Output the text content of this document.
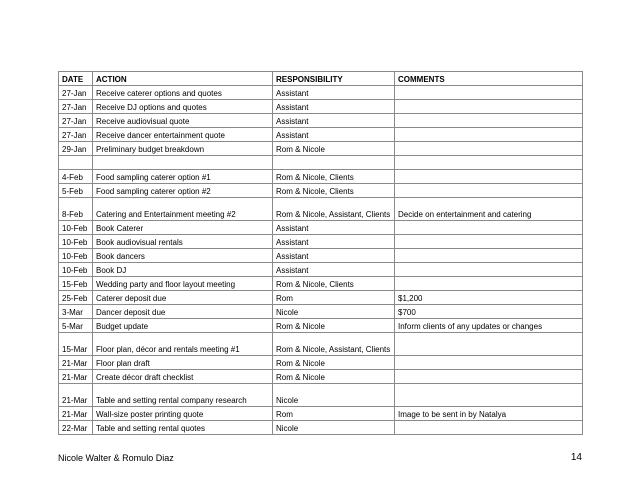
DATE	ACTION	RESPONSIBILITY	COMMENTS
27-Jan	Receive caterer options and quotes	Assistant	
27-Jan	Receive DJ options and quotes	Assistant	
27-Jan	Receive audiovisual quote	Assistant	
27-Jan	Receive dancer entertainment quote	Assistant	
29-Jan	Preliminary budget breakdown	Rom & Nicole	

4-Feb	Food sampling caterer option #1	Rom & Nicole, Clients	
5-Feb	Food sampling caterer option #2	Rom & Nicole, Clients	
8-Feb	Catering and Entertainment meeting #2	Rom & Nicole, Assistant, Clients	Decide on entertainment and catering
10-Feb	Book Caterer	Assistant	
10-Feb	Book audiovisual rentals	Assistant	
10-Feb	Book dancers	Assistant	
10-Feb	Book DJ	Assistant	
15-Feb	Wedding party and floor layout meeting	Rom & Nicole, Clients	
25-Feb	Caterer deposit due	Rom	$1,200
3-Mar	Dancer deposit due	Nicole	$700
5-Mar	Budget update	Rom & Nicole	Inform clients of any updates or changes
15-Mar	Floor plan, décor and rentals meeting #1	Rom & Nicole, Assistant, Clients	
21-Mar	Floor plan draft	Rom & Nicole	
21-Mar	Create décor draft checklist	Rom & Nicole	
21-Mar	Table and setting rental company research	Nicole	
21-Mar	Wall-size poster printing quote	Rom	Image to be sent in by Natalya
22-Mar	Table and setting rental quotes	Nicole	
Nicole Walter & Romulo Diaz	14
